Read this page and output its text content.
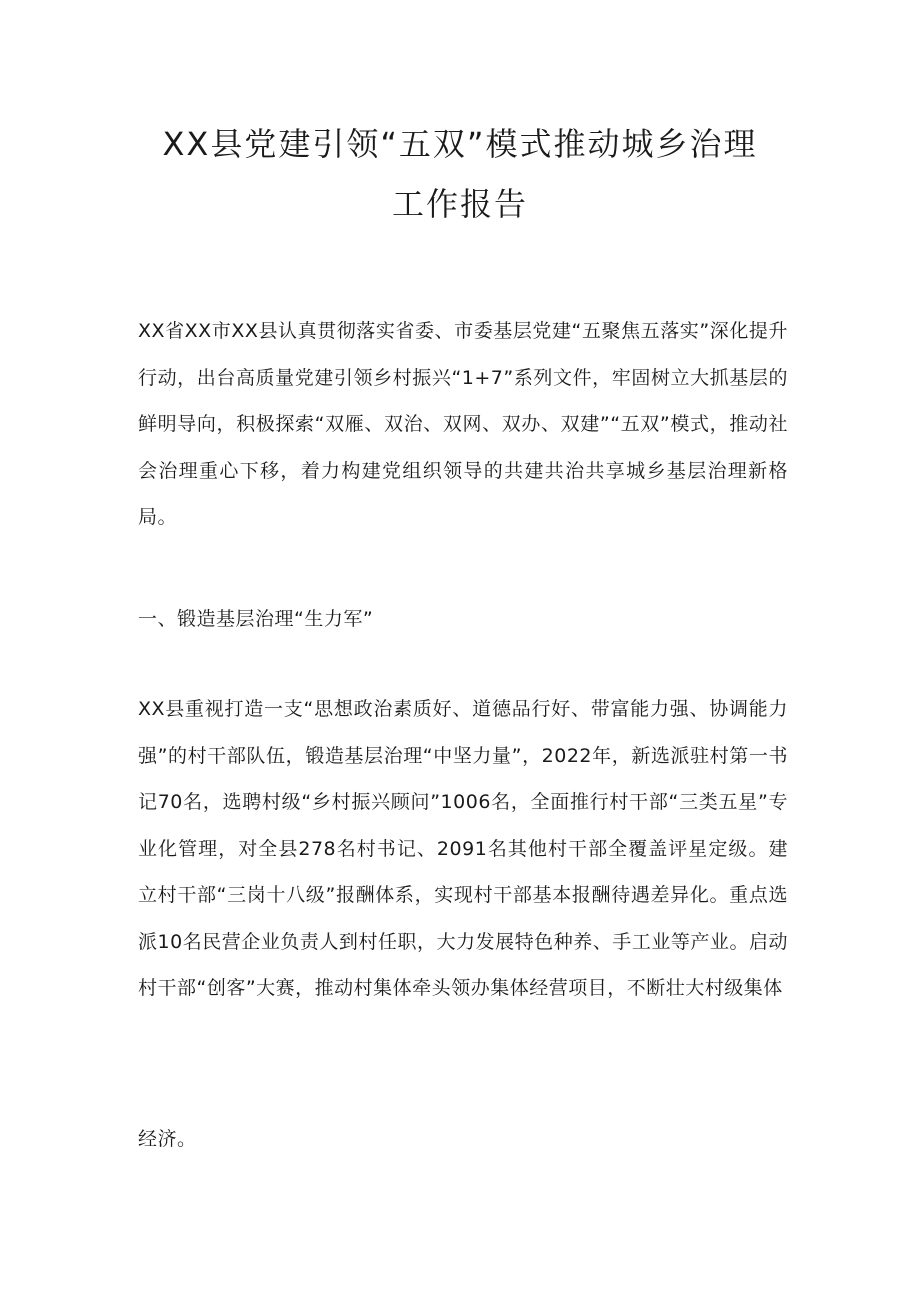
XX县党建引领“五双”模式推动城乡治理
工作报告

XX省XX市XX县认真贯彻落实省委、市委基层党建“五聚焦五落实”深化提升行动，出台高质量党建引领乡村振兴“1+7”系列文件，牢固树立大抓基层的鲜明导向，积极探索“双雁、双治、双网、双办、双建”“五双”模式，推动社会治理重心下移，着力构建党组织领导的共建共治共享城乡基层治理新格局。

一、锻造基层治理“生力军”

XX县重视打造一支“思想政治素质好、道德品行好、带富能力强、协调能力强”的村干部队伍，锻造基层治理“中坚力量”，2022年，新选派驻村第一书记70名，选聘村级“乡村振兴顾问”1006名，全面推行村干部“三类五星”专业化管理，对全县278名村书记、2091名其他村干部全覆盖评星定级。建立村干部“三岗十八级”报酬体系，实现村干部基本报酬待遇差异化。重点选派10名民营企业负责人到村任职，大力发展特色种养、手工业等产业。启动村干部“创客”大赛，推动村集体牵头领办集体经营项目，不断壮大村级集体

经济。
